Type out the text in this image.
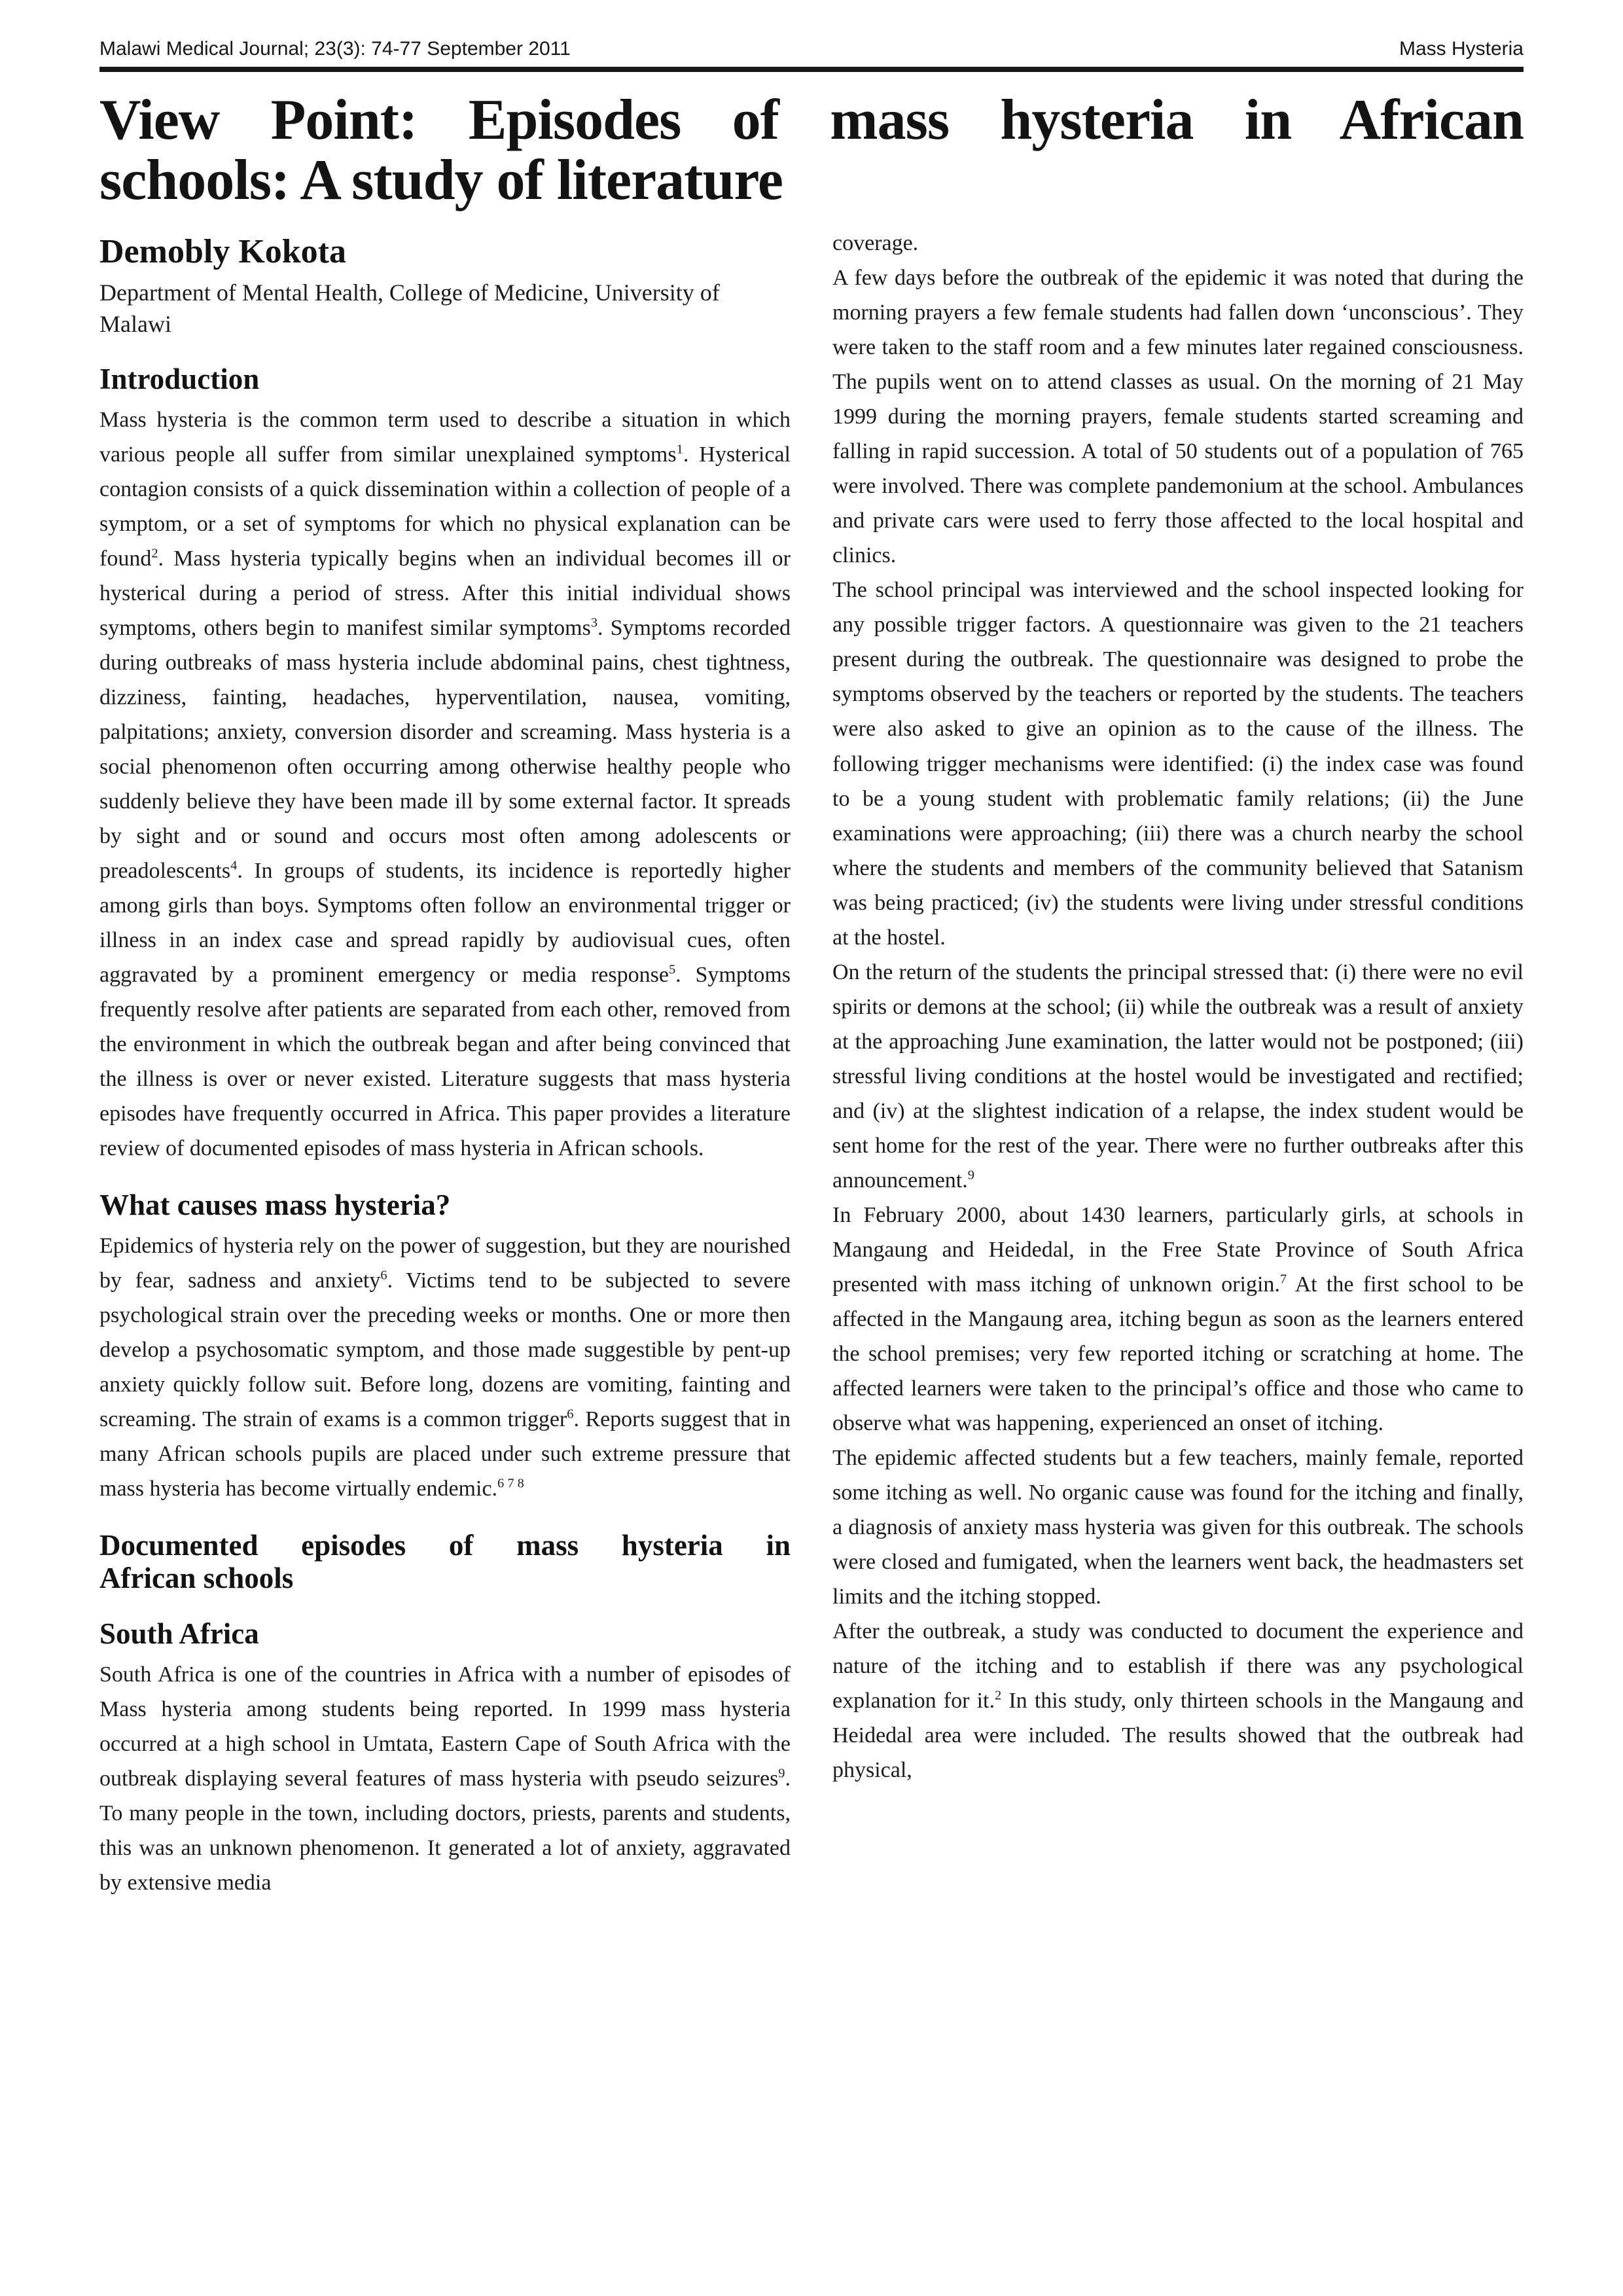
Malawi Medical Journal; 23(3): 74-77 September 2011	Mass Hysteria
View Point: Episodes of mass hysteria in African
schools: A study of literature
Demobly Kokota
Department of Mental Health, College of Medicine, University of Malawi
Introduction

Mass hysteria is the common term used to describe a situation in which various people all suffer from similar unexplained symptoms$^1$. Hysterical contagion consists of a quick dissemination within a collection of people of a symptom, or a set of symptoms for which no physical explanation can be found$^2$. Mass hysteria typically begins when an individual becomes ill or hysterical during a period of stress. After this initial individual shows symptoms, others begin to manifest similar symptoms$^3$. Symptoms recorded during outbreaks of mass hysteria include abdominal pains, chest tightness, dizziness, fainting, headaches, hyperventilation, nausea, vomiting, palpitations; anxiety, conversion disorder and screaming. Mass hysteria is a social phenomenon often occurring among otherwise healthy people who suddenly believe they have been made ill by some external factor. It spreads by sight and or sound and occurs most often among adolescents or preadolescents$^4$. In groups of students, its incidence is reportedly higher among girls than boys. Symptoms often follow an environmental trigger or illness in an index case and spread rapidly by audiovisual cues, often aggravated by a prominent emergency or media response$^5$. Symptoms frequently resolve after patients are separated from each other, removed from the environment in which the outbreak began and after being convinced that the illness is over or never existed. Literature suggests that mass hysteria episodes have frequently occurred in Africa. This paper provides a literature review of documented episodes of mass hysteria in African schools.

What causes mass hysteria?

Epidemics of hysteria rely on the power of suggestion, but they are nourished by fear, sadness and anxiety$^6$. Victims tend to be subjected to severe psychological strain over the preceding weeks or months. One or more then develop a psychosomatic symptom, and those made suggestible by pent-up anxiety quickly follow suit. Before long, dozens are vomiting, fainting and screaming. The strain of exams is a common trigger$^6$. Reports suggest that in many African schools pupils are placed under such extreme pressure that mass hysteria has become virtually endemic.$^{6 7 8}$

Documented episodes of mass hysteria in
African schools
South Africa

South Africa is one of the countries in Africa with a number of episodes of Mass hysteria among students being reported. In 1999 mass hysteria occurred at a high school in Umtata, Eastern Cape of South Africa with the outbreak displaying several features of mass hysteria with pseudo seizures$^9$. To many people in the town, including doctors, priests, parents and students, this was an unknown phenomenon. It generated a lot of anxiety, aggravated by extensive media

coverage.

A few days before the outbreak of the epidemic it was noted that during the morning prayers a few female students had fallen down ‘unconscious’. They were taken to the staff room and a few minutes later regained consciousness. The pupils went on to attend classes as usual. On the morning of 21 May 1999 during the morning prayers, female students started screaming and falling in rapid succession. A total of 50 students out of a population of 765 were involved. There was complete pandemonium at the school. Ambulances and private cars were used to ferry those affected to the local hospital and clinics.

The school principal was interviewed and the school inspected looking for any possible trigger factors. A questionnaire was given to the 21 teachers present during the outbreak. The questionnaire was designed to probe the symptoms observed by the teachers or reported by the students. The teachers were also asked to give an opinion as to the cause of the illness. The following trigger mechanisms were identified: (i) the index case was found to be a young student with problematic family relations; (ii) the June examinations were approaching; (iii) there was a church nearby the school where the students and members of the community believed that Satanism was being practiced; (iv) the students were living under stressful conditions at the hostel.

On the return of the students the principal stressed that: (i) there were no evil spirits or demons at the school; (ii) while the outbreak was a result of anxiety at the approaching June examination, the latter would not be postponed; (iii) stressful living conditions at the hostel would be investigated and rectified; and (iv) at the slightest indication of a relapse, the index student would be sent home for the rest of the year. There were no further outbreaks after this announcement.$^9$

In February 2000, about 1430 learners, particularly girls, at schools in Mangaung and Heidedal, in the Free State Province of South Africa presented with mass itching of unknown origin.$^7$ At the first school to be affected in the Mangaung area, itching begun as soon as the learners entered the school premises; very few reported itching or scratching at home. The affected learners were taken to the principal’s office and those who came to observe what was happening, experienced an onset of itching.

The epidemic affected students but a few teachers, mainly female, reported some itching as well. No organic cause was found for the itching and finally, a diagnosis of anxiety mass hysteria was given for this outbreak. The schools were closed and fumigated, when the learners went back, the headmasters set limits and the itching stopped.

After the outbreak, a study was conducted to document the experience and nature of the itching and to establish if there was any psychological explanation for it.$^2$ In this study, only thirteen schools in the Mangaung and Heidedal area were included. The results showed that the outbreak had physical,
